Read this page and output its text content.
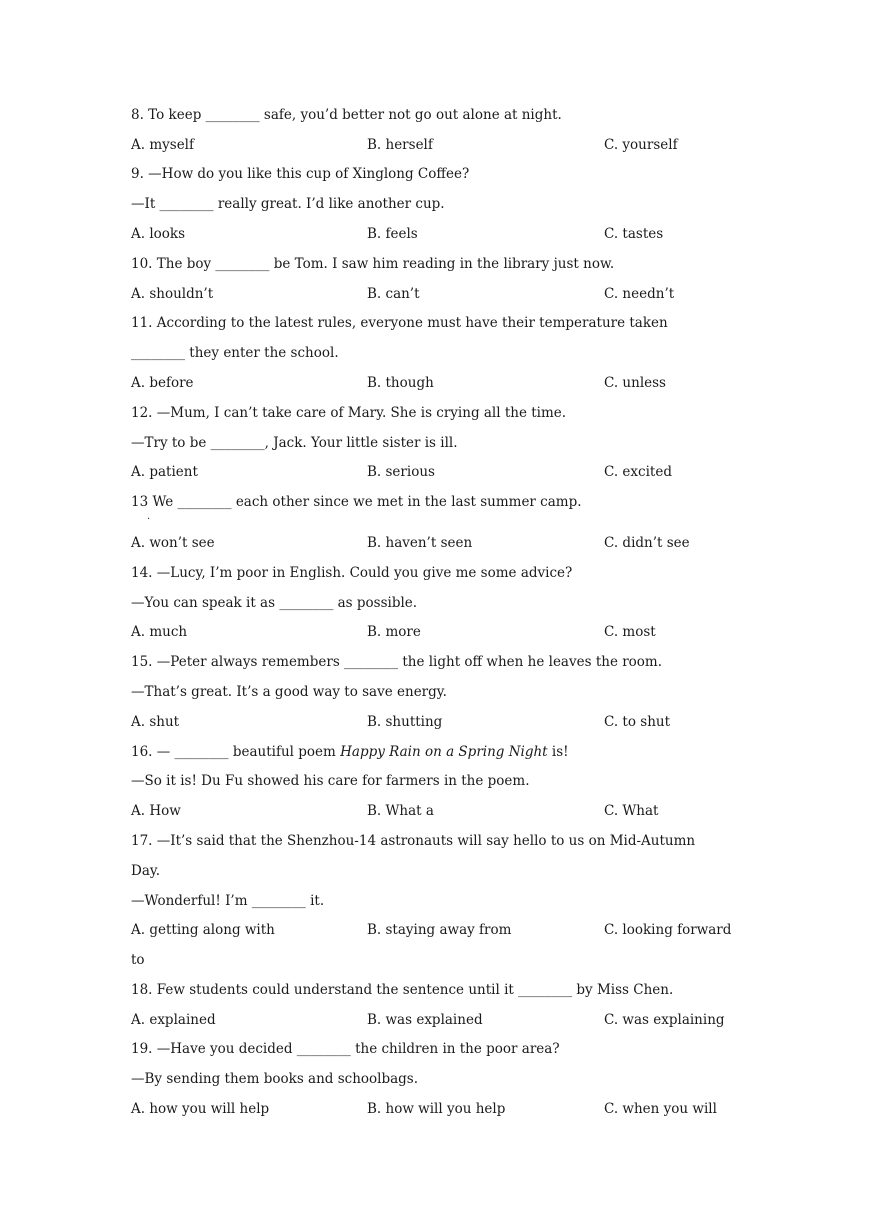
8. To keep ________ safe, you’d better not go out alone at night.
A. myself	B. herself	C. yourself
9. —How do you like this cup of Xinglong Coffee?
—It ________ really great. I’d like another cup.
A. looks	B. feels	C. tastes
10. The boy ________ be Tom. I saw him reading in the library just now.
A. shouldn’t	B. can’t	C. needn’t
11. According to the latest rules, everyone must have their temperature taken
________ they enter the school.
A. before	B. though	C. unless
12. —Mum, I can’t take care of Mary. She is crying all the time.
—Try to be ________, Jack. Your little sister is ill.
A. patient	B. serious	C. excited
13 We ________ each other since we met in the last summer camp.
.
A. won’t see	B. haven’t seen	C. didn’t see
14. —Lucy, I’m poor in English. Could you give me some advice?
—You can speak it as ________ as possible.
A. much	B. more	C. most
15. —Peter always remembers ________ the light off when he leaves the room.
—That’s great. It’s a good way to save energy.
A. shut	B. shutting	C. to shut
16. — ________ beautiful poem Happy Rain on a Spring Night is!
—So it is! Du Fu showed his care for farmers in the poem.
A. How	B. What a	C. What
17. —It’s said that the Shenzhou-14 astronauts will say hello to us on Mid-Autumn
Day.
—Wonderful! I’m ________ it.
A. getting along with	B. staying away from	C. looking forward
to
18. Few students could understand the sentence until it ________ by Miss Chen.
A. explained	B. was explained	C. was explaining
19. —Have you decided ________ the children in the poor area?
—By sending them books and schoolbags.
A. how you will help	B. how will you help	C. when you will
